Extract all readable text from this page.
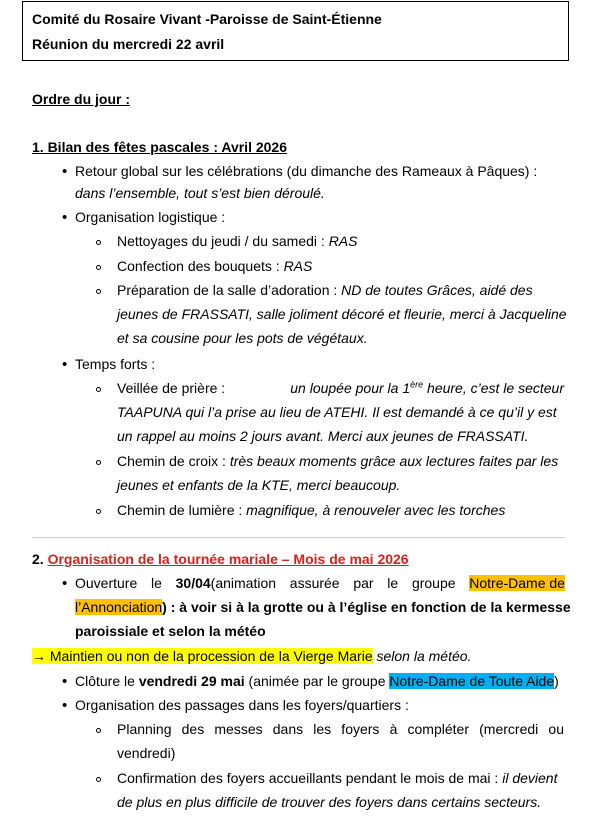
Comité du Rosaire Vivant -Paroisse de Saint-Étienne
Réunion du mercredi 22 avril
Ordre du jour :
1. Bilan des fêtes pascales : Avril 2026
• Retour global sur les célébrations (du dimanche des Rameaux à Pâques) :
dans l’ensemble, tout s’est bien déroulé.
• Organisation logistique :
Nettoyages du jeudi / du samedi : RAS
Confection des bouquets : RAS
Préparation de la salle d’adoration : ND de toutes Grâces, aidé des
jeunes de FRASSATI, salle joliment décoré et fleurie, merci à Jacqueline
et sa cousine pour les pots de végétaux.
• Temps forts :
Veillée de prière :	un loupée pour la 1ère heure, c’est le secteur
TAAPUNA qui l’a prise au lieu de ATEHI. Il est demandé à ce qu’il y est
un rappel au moins 2 jours avant. Merci aux jeunes de FRASSATI.
Chemin de croix : très beaux moments grâce aux lectures faites par les
jeunes et enfants de la KTE, merci beaucoup.
Chemin de lumière : magnifique, à renouveler avec les torches
2. Organisation de la tournée mariale – Mois de mai 2026
• Ouverture le 30/04(animation assurée par le groupe Notre-Dame de
l’Annonciation) : à voir si à la grotte ou à l’église en fonction de la kermesse
paroissiale et selon la météo
→ Maintien ou non de la procession de la Vierge Marie selon la météo.
• Clôture le vendredi 29 mai (animée par le groupe Notre-Dame de Toute Aide)
• Organisation des passages dans les foyers/quartiers :
Planning des messes dans les foyers à compléter (mercredi ou
vendredi)
Confirmation des foyers accueillants pendant le mois de mai : il devient
de plus en plus difficile de trouver des foyers dans certains secteurs.
